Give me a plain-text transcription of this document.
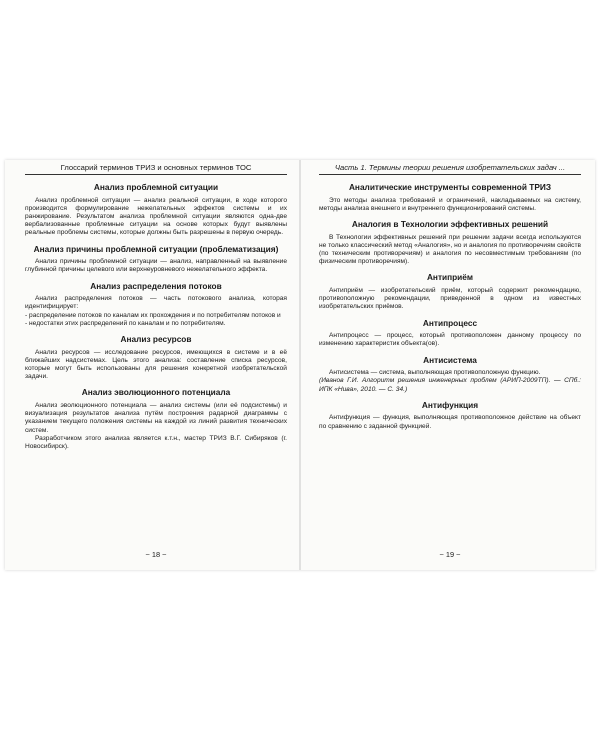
Глоссарий терминов ТРИЗ и основных терминов ТОС
Анализ проблемной ситуации

Анализ проблемной ситуации — анализ реальной ситуации, в ходе которого производится формулирование нежелательных эффектов системы и их ранжирование. Результатом анализа проблемной ситуации являются одна-две вербализованные проблемные ситуации на основе которых будут выявлены реальные проблемы системы, которые должны быть разрешены в первую очередь.

Анализ причины проблемной ситуации (проблематизация)

Анализ причины проблемной ситуации — анализ, направленный на выявление глубинной причины целевого или верхнеуровневого нежелательного эффекта.

Анализ распределения потоков

Анализ распределения потоков — часть потокового анализа, которая идентифицирует:

- распределение потоков по каналам их прохождения и по потребителям потоков и

- недостатки этих распределений по каналам и по потребителям.

Анализ ресурсов

Анализ ресурсов — исследование ресурсов, имеющихся в системе и в её ближайших надсистемах. Цель этого анализа: составление списка ресурсов, которые могут быть использованы для решения конкретной изобретательской задачи.

Анализ эволюционного потенциала

Анализ эволюционного потенциала — анализ системы (или её подсистемы) и визуализация результатов анализа путём построения радарной диаграммы с указанием текущего положения системы на каждой из линий развития технических систем.

Разработчиком этого анализа является к.т.н., мастер ТРИЗ В.Г. Сибиряков (г. Новосибирск).

~ 18 ~
Часть 1. Термины теории решения изобретательских задач ...
Аналитические инструменты современной ТРИЗ

Это методы анализа требований и ограничений, накладываемых на систему, методы анализа внешнего и внутреннего функционирований системы.

Аналогия в Технологии эффективных решений

В Технологии эффективных решений при решении задачи всегда используются не только классический метод «Аналогия», но и аналогия по противоречиям свойств (по техническим противоречиям) и аналогия по несовместимым требованиям (по физическим противоречиям).

Антиприём

Антиприём — изобретательский приём, который содержит рекомендацию, противоположную рекомендации, приведенной в одном из известных изобретательских приёмов.

Антипроцесс

Антипроцесс — процесс, который противоположен данному процессу по изменению характеристик объекта(ов).

Антисистема

Антисистема — система, выполняющая противоположную функцию.

(Иванов Г.И. Алгоритм решения инженерных проблем (АРИП-2009ТП). — СПб.: ИПК «Нива», 2010. — С. 34.)

Антифункция

Антифункция — функция, выполняющая противоположное действие на объект по сравнению с заданной функцией.

~ 19 ~
